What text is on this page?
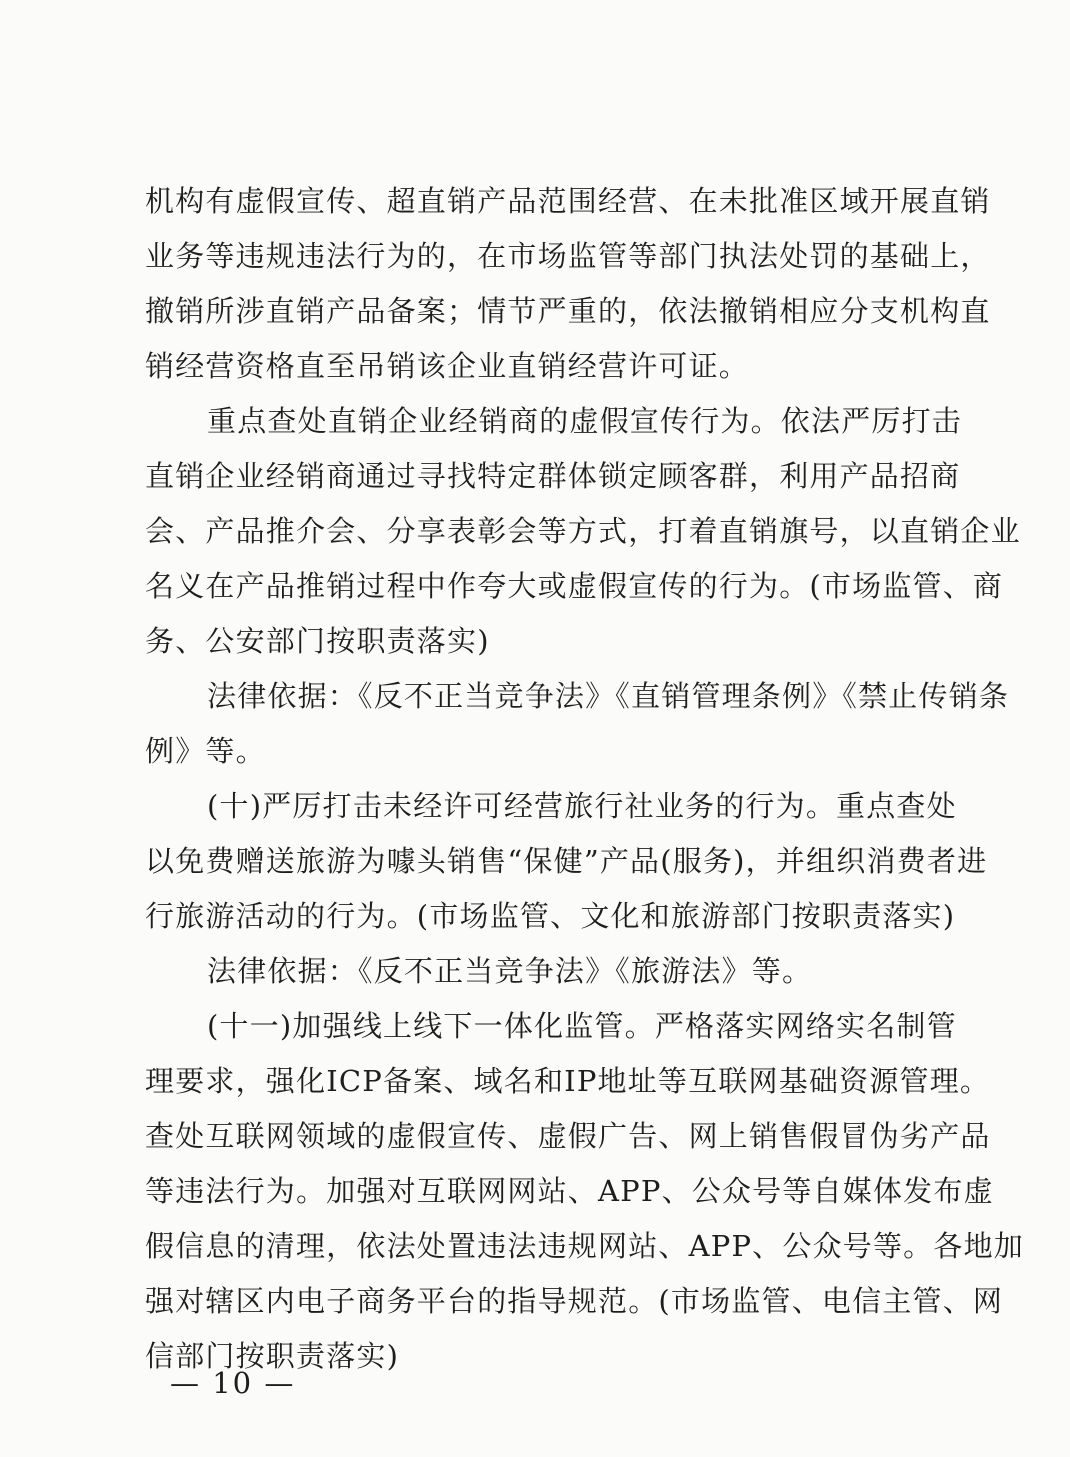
机构有虚假宣传、超直销产品范围经营、在未批准区域开展直销
业务等违规违法行为的，在市场监管等部门执法处罚的基础上，
撤销所涉直销产品备案；情节严重的，依法撤销相应分支机构直
销经营资格直至吊销该企业直销经营许可证。
重点查处直销企业经销商的虚假宣传行为。依法严厉打击
直销企业经销商通过寻找特定群体锁定顾客群，利用产品招商
会、产品推介会、分享表彰会等方式，打着直销旗号，以直销企业
名义在产品推销过程中作夸大或虚假宣传的行为。(市场监管、商
务、公安部门按职责落实)
法律依据：《反不正当竞争法》《直销管理条例》《禁止传销条
例》等。
(十)严厉打击未经许可经营旅行社业务的行为。重点查处
以免费赠送旅游为噱头销售“保健”产品(服务)，并组织消费者进
行旅游活动的行为。(市场监管、文化和旅游部门按职责落实)
法律依据：《反不正当竞争法》《旅游法》等。
(十一)加强线上线下一体化监管。严格落实网络实名制管
理要求，强化ICP备案、域名和IP地址等互联网基础资源管理。
查处互联网领域的虚假宣传、虚假广告、网上销售假冒伪劣产品
等违法行为。加强对互联网网站、APP、公众号等自媒体发布虚
假信息的清理，依法处置违法违规网站、APP、公众号等。各地加
强对辖区内电子商务平台的指导规范。(市场监管、电信主管、网
信部门按职责落实)
— 10 —
